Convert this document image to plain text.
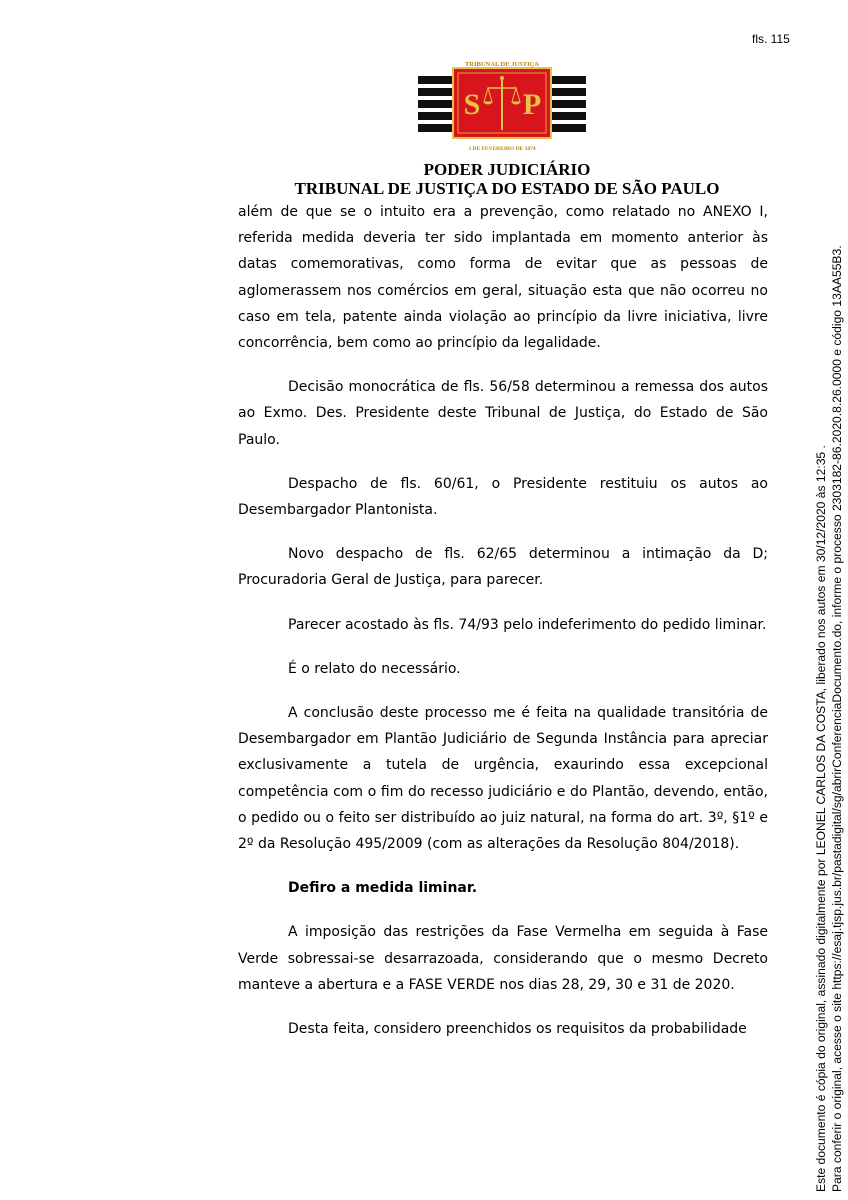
fls. 115
S P
TRIBUNAL DE JUSTIÇA
3 DE FEVEREIRO DE 1874
PODER JUDICIÁRIO
TRIBUNAL DE JUSTIÇA DO ESTADO DE SÃO PAULO

além de que se o intuito era a prevenção, como relatado no ANEXO I, referida medida deveria ter sido implantada em momento anterior às datas comemorativas, como forma de evitar que as pessoas de aglomerassem nos comércios em geral, situação esta que não ocorreu no caso em tela, patente ainda violação ao princípio da livre iniciativa, livre concorrência, bem como ao princípio da legalidade.

Decisão monocrática de fls. 56/58 determinou a remessa dos autos ao Exmo. Des. Presidente deste Tribunal de Justiça, do Estado de São Paulo.

Despacho de fls. 60/61, o Presidente restituiu os autos ao Desembargador Plantonista.

Novo despacho de fls. 62/65 determinou a intimação da D; Procuradoria Geral de Justiça, para parecer.

Parecer acostado às fls. 74/93 pelo indeferimento do pedido liminar.

É o relato do necessário.

A conclusão deste processo me é feita na qualidade transitória de Desembargador em Plantão Judiciário de Segunda Instância para apreciar exclusivamente a tutela de urgência, exaurindo essa excepcional competência com o fim do recesso judiciário e do Plantão, devendo, então, o pedido ou o feito ser distribuído ao juiz natural, na forma do art. 3º, §1º e 2º da Resolução 495/2009 (com as alterações da Resolução 804/2018).

Defiro a medida liminar.

A imposição das restrições da Fase Vermelha em seguida à Fase Verde sobressai-se desarrazoada, considerando que o mesmo Decreto manteve a abertura e a FASE VERDE nos dias 28, 29, 30 e 31 de 2020.

Desta feita, considero preenchidos os requisitos da probabilidade	Este documento é cópia do original, assinado digitalmente por LEONEL CARLOS DA COSTA, liberado nos autos em 30/12/2020 às 12:35 . Para conferir o original, acesse o site https://esaj.tjsp.jus.br/pastadigital/sg/abrirConferenciaDocumento.do, informe o processo 2303182-86.2020.8.26.0000 e código 13AA55B3.
